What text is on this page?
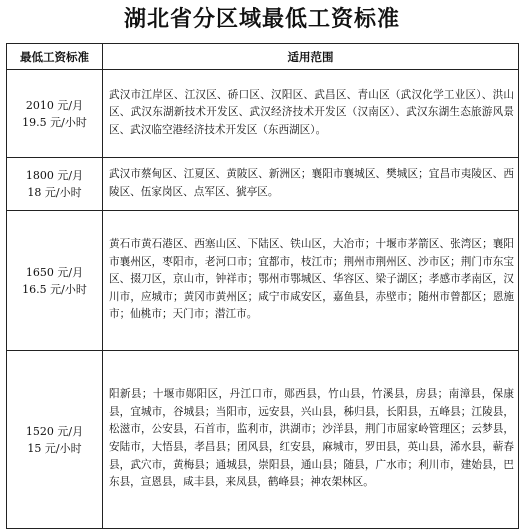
湖北省分区域最低工资标准
最低工资标准	适用范围

2010 元/月
19.5 元/小时	武汉市江岸区、江汉区、硚口区、汉阳区、武昌区、青山区（武汉化学工业区）、洪山区、武汉东湖新技术开发区、武汉经济技术开发区（汉南区）、武汉东湖生态旅游风景区、武汉临空港经济技术开发区（东西湖区）。

1800 元/月
18 元/小时	武汉市蔡甸区、江夏区、黄陂区、新洲区；襄阳市襄城区、樊城区；宜昌市夷陵区、西陵区、伍家岗区、点军区、猇亭区。

1650 元/月
16.5 元/小时	黄石市黄石港区、西塞山区、下陆区、铁山区，大冶市；十堰市茅箭区、张湾区；襄阳市襄州区，枣阳市，老河口市；宜都市，枝江市；荆州市荆州区、沙市区；荆门市东宝区、掇刀区，京山市，钟祥市；鄂州市鄂城区、华容区、梁子湖区；孝感市孝南区，汉川市，应城市；黄冈市黄州区；咸宁市咸安区，嘉鱼县，赤壁市；随州市曾都区；恩施市；仙桃市；天门市；潜江市。

1520 元/月
15 元/小时	阳新县；十堰市郧阳区，丹江口市，郧西县，竹山县，竹溪县，房县；南漳县，保康县，宜城市，谷城县；当阳市，远安县，兴山县，秭归县，长阳县，五峰县；江陵县，松滋市，公安县，石首市，监利市，洪湖市；沙洋县，荆门市屈家岭管理区；云梦县，安陆市，大悟县，孝昌县；团风县，红安县，麻城市，罗田县，英山县，浠水县，蕲春县，武穴市，黄梅县；通城县，崇阳县，通山县；随县，广水市；利川市，建始县，巴东县，宣恩县，咸丰县，来凤县，鹤峰县；神农架林区。
